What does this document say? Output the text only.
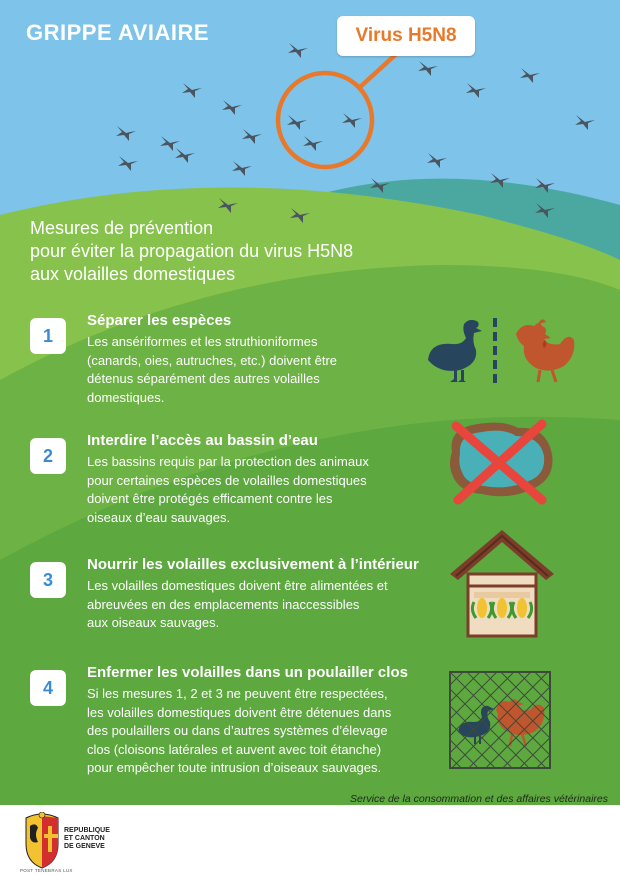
GRIPPE AVIAIRE	Virus H5N8
Mesures de prévention
pour éviter la propagation du virus H5N8
aux volailles domestiques
1
Séparer les espèces
Les ansériformes et les struthioniformes
(canards, oies, autruches, etc.) doivent être
détenus séparément des autres volailles
domestiques.
2
Interdire l’accès au bassin d’eau
Les bassins requis par la protection des animaux
pour certaines espèces de volailles domestiques
doivent être protégés efficament contre les
oiseaux d’eau sauvages.
3
Nourrir les volailles exclusivement à l’intérieur
Les volailles domestiques doivent être alimentées et
abreuvées en des emplacements inaccessibles
aux oiseaux sauvages.
4
Enfermer les volailles dans un poulailler clos
Si les mesures 1, 2 et 3 ne peuvent être respectées,
les volailles domestiques doivent être détenues dans
des poulaillers ou dans d’autres systèmes d’élevage
clos (cloisons latérales et auvent avec toit étanche)
pour empêcher toute intrusion d’oiseaux sauvages.
Service de la consommation et des affaires vétérinaires
REPUBLIQUE
ET CANTON
DE GENEVE
POST TENEBRAS LUX
